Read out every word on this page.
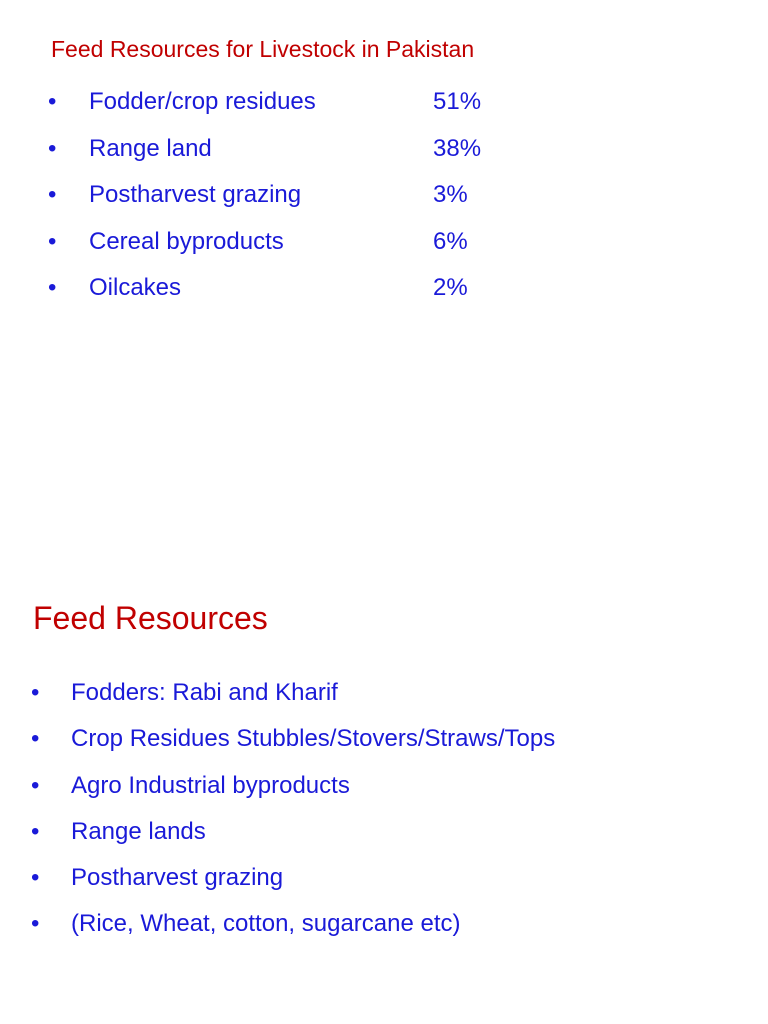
Feed Resources for Livestock in Pakistan
• Fodder/crop residues	51%
• Range land	38%
• Postharvest grazing	3%
• Cereal byproducts	6%
• Oilcakes	2%
Feed Resources
• Fodders: Rabi and Kharif
• Crop Residues Stubbles/Stovers/Straws/Tops
• Agro Industrial byproducts
• Range lands
• Postharvest grazing
• (Rice, Wheat, cotton, sugarcane etc)
